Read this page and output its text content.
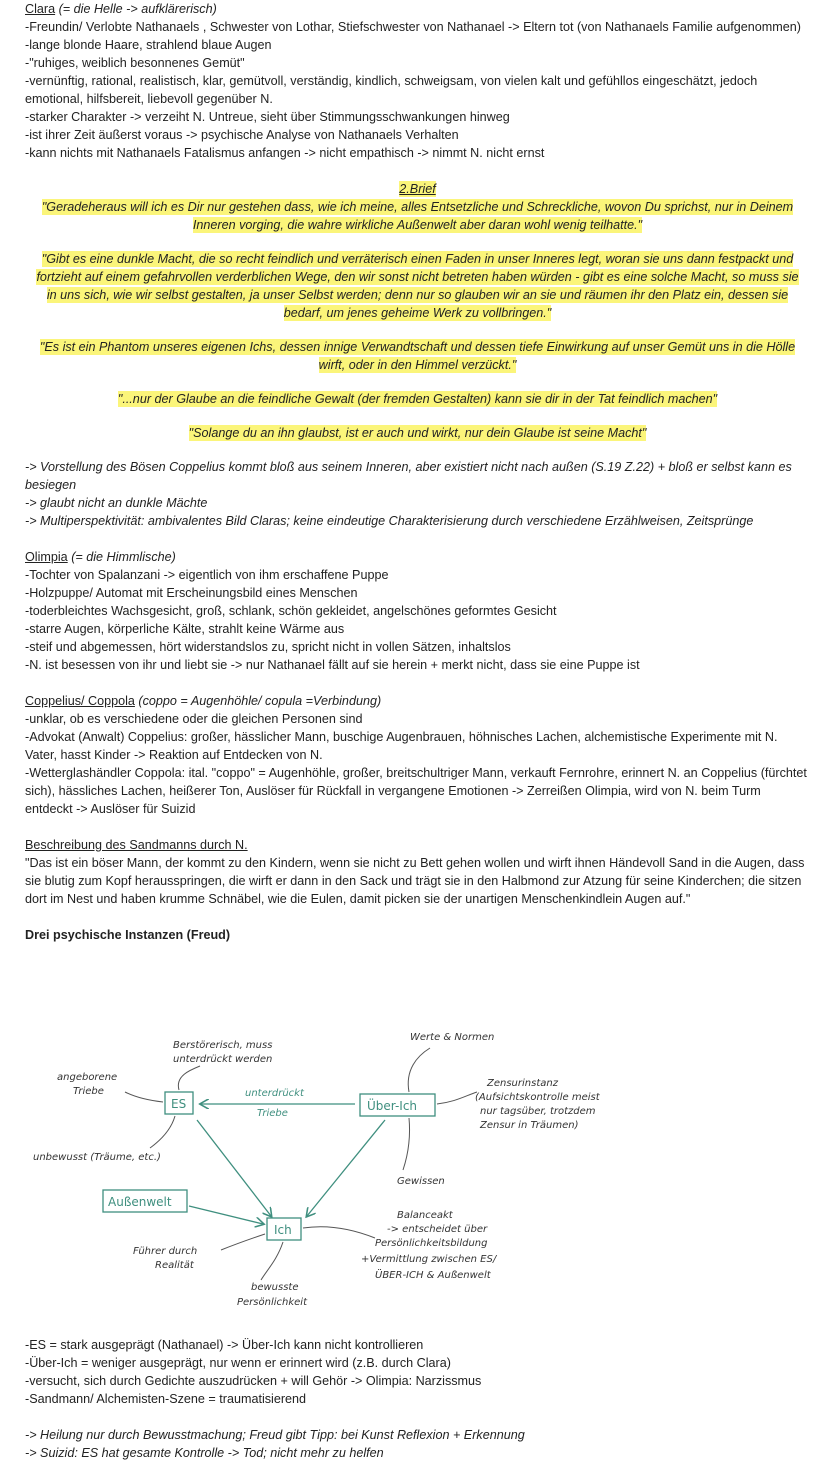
Clara (= die Helle -> aufklärerisch)

-Freundin/ Verlobte Nathanaels , Schwester von Lothar, Stiefschwester von Nathanael -> Eltern tot (von Nathanaels Familie aufgenommen)

-lange blonde Haare, strahlend blaue Augen

-"ruhiges, weiblich besonnenes Gemüt"

-vernünftig, rational, realistisch, klar, gemütvoll, verständig, kindlich, schweigsam, von vielen kalt und gefühllos eingeschätzt, jedoch emotional, hilfsbereit, liebevoll gegenüber N.

-starker Charakter -> verzeiht N. Untreue, sieht über Stimmungsschwankungen hinweg

-ist ihrer Zeit äußerst voraus -> psychische Analyse von Nathanaels Verhalten

-kann nichts mit Nathanaels Fatalismus anfangen -> nicht empathisch -> nimmt N. nicht ernst

2.Brief

"Geradeheraus will ich es Dir nur gestehen dass, wie ich meine, alles Entsetzliche und Schreckliche, wovon Du sprichst, nur in Deinem Inneren vorging, die wahre wirkliche Außenwelt aber daran wohl wenig teilhatte."

"Gibt es eine dunkle Macht, die so recht feindlich und verräterisch einen Faden in unser Inneres legt, woran sie uns dann festpackt und fortzieht auf einem gefahrvollen verderblichen Wege, den wir sonst nicht betreten haben würden - gibt es eine solche Macht, so muss sie in uns sich, wie wir selbst gestalten, ja unser Selbst werden; denn nur so glauben wir an sie und räumen ihr den Platz ein, dessen sie bedarf, um jenes geheime Werk zu vollbringen."

"Es ist ein Phantom unseres eigenen Ichs, dessen innige Verwandtschaft und dessen tiefe Einwirkung auf unser Gemüt uns in die Hölle wirft, oder in den Himmel verzückt."

"...nur der Glaube an die feindliche Gewalt (der fremden Gestalten) kann sie dir in der Tat feindlich machen"

"Solange du an ihn glaubst, ist er auch und wirkt, nur dein Glaube ist seine Macht"

-> Vorstellung des Bösen Coppelius kommt bloß aus seinem Inneren, aber existiert nicht nach außen (S.19 Z.22) + bloß er selbst kann es besiegen

-> glaubt nicht an dunkle Mächte

-> Multiperspektivität: ambivalentes Bild Claras; keine eindeutige Charakterisierung durch verschiedene Erzählweisen, Zeitsprünge

Olimpia (= die Himmlische)

-Tochter von Spalanzani -> eigentlich von ihm erschaffene Puppe

-Holzpuppe/ Automat mit Erscheinungsbild eines Menschen

-toderbleichtes Wachsgesicht, groß, schlank, schön gekleidet, angelschönes geformtes Gesicht

-starre Augen, körperliche Kälte, strahlt keine Wärme aus

-steif und abgemessen, hört widerstandslos zu, spricht nicht in vollen Sätzen, inhaltslos

-N. ist besessen von ihr und liebt sie -> nur Nathanael fällt auf sie herein + merkt nicht, dass sie eine Puppe ist

Coppelius/ Coppola (coppo = Augenhöhle/ copula =Verbindung)

-unklar, ob es verschiedene oder die gleichen Personen sind

-Advokat (Anwalt) Coppelius: großer, hässlicher Mann, buschige Augenbrauen, höhnisches Lachen, alchemistische Experimente mit N. Vater, hasst Kinder -> Reaktion auf Entdecken von N.

-Wetterglashändler Coppola: ital. "coppo" = Augenhöhle, großer, breitschultriger Mann, verkauft Fernrohre, erinnert N. an Coppelius (fürchtet sich), hässliches Lachen, heißerer Ton, Auslöser für Rückfall in vergangene Emotionen -> Zerreißen Olimpia, wird von N. beim Turm entdeckt -> Auslöser für Suizid

Beschreibung des Sandmanns durch N.

"Das ist ein böser Mann, der kommt zu den Kindern, wenn sie nicht zu Bett gehen wollen und wirft ihnen Händevoll Sand in die Augen, dass sie blutig zum Kopf herausspringen, die wirft er dann in den Sack und trägt sie in den Halbmond zur Atzung für seine Kinderchen; die sitzen dort im Nest und haben krumme Schnäbel, wie die Eulen, damit picken sie der unartigen Menschenkindlein Augen auf."

Drei psychische Instanzen (Freud)

ES	Über-Ich
Ich
Außenwelt
unterdrückt
Triebe
Berstörerisch, muss
unterdrückt werden
angeborene
Triebe
unbewusst (Träume, etc.)
Werte & Normen
Zensurinstanz
(Aufsichtskontrolle meist
nur tagsüber, trotzdem
Zensur in Träumen)
Gewissen
Führer durch
Realität
bewusste
Persönlichkeit
Balanceakt
-> entscheidet über
Persönlichkeitsbildung
+Vermittlung zwischen ES/
ÜBER-ICH & Außenwelt

-ES = stark ausgeprägt (Nathanael) -> Über-Ich kann nicht kontrollieren

-Über-Ich = weniger ausgeprägt, nur wenn er erinnert wird (z.B. durch Clara)

-versucht, sich durch Gedichte auszudrücken + will Gehör -> Olimpia: Narzissmus

-Sandmann/ Alchemisten-Szene = traumatisierend

-> Heilung nur durch Bewusstmachung; Freud gibt Tipp: bei Kunst Reflexion + Erkennung

-> Suizid: ES hat gesamte Kontrolle -> Tod; nicht mehr zu helfen
